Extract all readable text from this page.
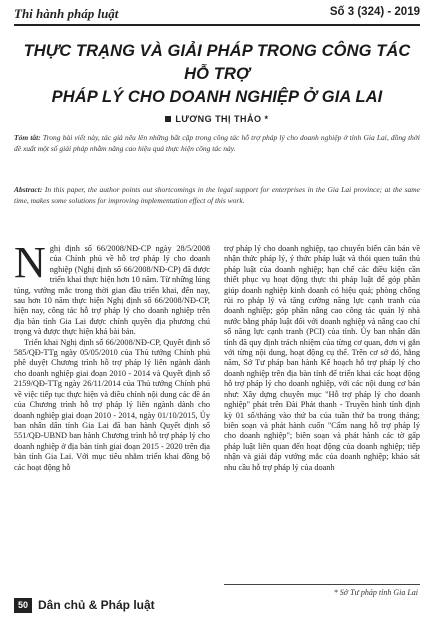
Thi hành pháp luật	Số 3 (324) - 2019
THỰC TRẠNG VÀ GIẢI PHÁP TRONG CÔNG TÁC HỖ TRỢ
PHÁP LÝ CHO DOANH NGHIỆP Ở GIA LAI
LƯƠNG THỊ THẢO *
Tóm tắt: Trong bài viết này, tác giả nêu lên những bất cập trong công tác hỗ trợ pháp lý cho doanh nghiệp ở tỉnh Gia Lai, đồng thời đề xuất một số giải pháp nhằm nâng cao hiệu quả thực hiện công tác này.
Abstract: In this paper, the author points out shortcomings in the legal support for enterprises in the Gia Lai province; at the same time, makes some solutions for improving implementation effect of this work.

Nghị định số 66/2008/NĐ-CP ngày 28/5/2008 của Chính phủ về hỗ trợ pháp lý cho doanh nghiệp (Nghị định số 66/2008/NĐ-CP) đã được triển khai thực hiện hơn 10 năm. Từ những lúng túng, vướng mắc trong thời gian đầu triển khai, đến nay, sau hơn 10 năm thực hiện Nghị định số 66/2008/NĐ-CP, hiện nay, công tác hỗ trợ pháp lý cho doanh nghiệp trên địa bàn tỉnh Gia Lai được chính quyền địa phương chú trọng và được thực hiện khá bài bản.

Triển khai Nghị định số 66/2008/NĐ-CP, Quyết định số 585/QĐ-TTg ngày 05/05/2010 của Thủ tướng Chính phủ phê duyệt Chương trình hỗ trợ pháp lý liên ngành dành cho doanh nghiệp giai đoạn 2010 - 2014 và Quyết định số 2159/QĐ-TTg ngày 26/11/2014 của Thủ tướng Chính phủ về việc tiếp tục thực hiện và điều chỉnh nội dung các đề án của Chương trình hỗ trợ pháp lý liên ngành dành cho doanh nghiệp giai đoạn 2010 - 2014, ngày 01/10/2015, Ủy ban nhân dân tỉnh Gia Lai đã ban hành Quyết định số 551/QĐ-UBND ban hành Chương trình hỗ trợ pháp lý cho doanh nghiệp ở địa bàn tỉnh giai đoạn 2015 - 2020 trên địa bàn tỉnh Gia Lai. Với mục tiêu nhằm triển khai đồng bộ các hoạt động hỗ

trợ pháp lý cho doanh nghiệp, tạo chuyển biến căn bản về nhận thức pháp lý, ý thức pháp luật và thói quen tuân thủ pháp luật của doanh nghiệp; hạn chế các điều kiện cần thiết phục vụ hoạt động thực thi pháp luật để góp phần giúp doanh nghiệp kinh doanh có hiệu quả; phòng chống rủi ro pháp lý và tăng cường năng lực cạnh tranh của doanh nghiệp; góp phần nâng cao công tác quản lý nhà nước bằng pháp luật đối với doanh nghiệp và nâng cao chỉ số năng lực cạnh tranh (PCI) của tỉnh. Ủy ban nhân dân tỉnh đã quy định trách nhiệm của từng cơ quan, đơn vị gắn với từng nội dung, hoạt động cụ thể. Trên cơ sở đó, hằng năm, Sở Tư pháp ban hành Kế hoạch hỗ trợ pháp lý cho doanh nghiệp trên địa bàn tỉnh để triển khai các hoạt động hỗ trợ pháp lý cho doanh nghiệp, với các nội dung cơ bản như: Xây dựng chuyên mục "Hỗ trợ pháp lý cho doanh nghiệp" phát trên Đài Phát thanh - Truyền hình tỉnh định kỳ 01 số/tháng vào thứ ba của tuần thứ ba trong tháng; biên soạn và phát hành cuốn "Cẩm nang hỗ trợ pháp lý cho doanh nghiệp"; biên soạn và phát hành các tờ gấp pháp luật liên quan đến hoạt động của doanh nghiệp; tiếp nhận và giải đáp vướng mắc của doanh nghiệp; khảo sát nhu cầu hỗ trợ pháp lý của doanh

* Sở Tư pháp tỉnh Gia Lai
50 Dân chủ & Pháp luật
